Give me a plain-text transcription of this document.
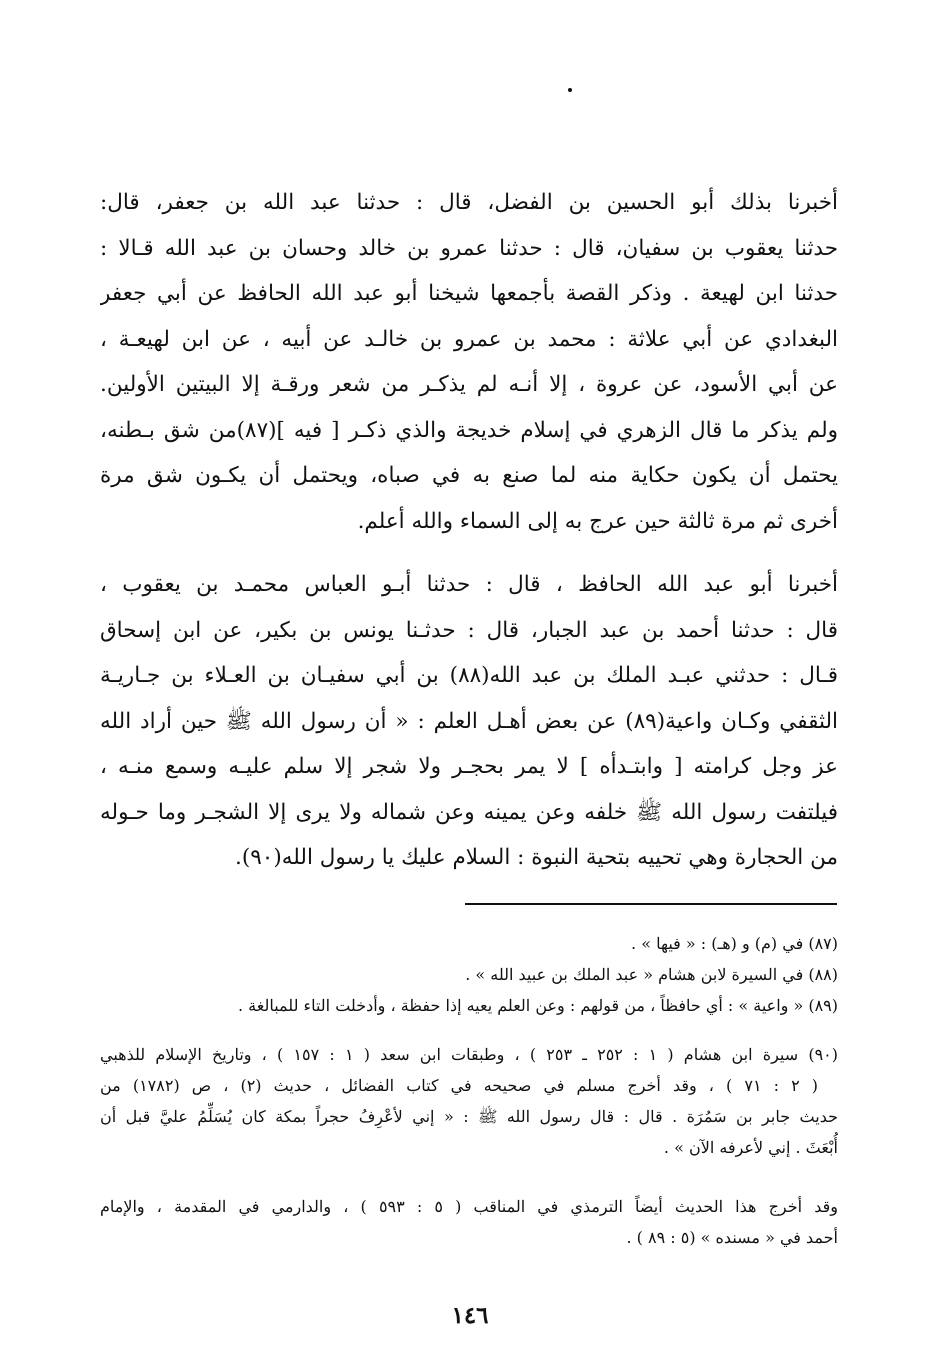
أخبرنا بذلك أبو الحسين بن الفضل، قال : حدثنا عبد الله بن جعفر، قال:
حدثنا يعقوب بن سفيان، قال : حدثنا عمرو بن خالد وحسان بن عبد الله قـالا :
حدثنا ابن لهيعة . وذكر القصة بأجمعها شيخنا أبو عبد الله الحافظ عن أبي جعفر
البغدادي عن أبي علاثة : محمد بن عمرو بن خالـد عن أبيه ، عن ابن لهيعـة ،
عن أبي الأسود، عن عروة ، إلا أنـه لم يذكـر من شعر ورقـة إلا البيتين الأولين.
ولم يذكر ما قال الزهري في إسلام خديجة والذي ذكـر [ فيه ](٨٧)من شق بـطنه،
يحتمل أن يكون حكاية منه لما صنع به في صباه، ويحتمل أن يكـون شق مرة
أخرى ثم مرة ثالثة حين عرج به إلى السماء والله أعلم.
أخبرنا أبو عبد الله الحافظ ، قال : حدثنا أبـو العباس محمـد بن يعقوب ،
قال : حدثنا أحمد بن عبد الجبار، قال : حدثـنا يونس بن بكير، عن ابن إسحاق
قـال : حدثني عبـد الملك بن عبد الله(٨٨) بن أبي سفيـان بن العـلاء بن جـاريـة
الثقفي وكـان واعية(٨٩) عن بعض أهـل العلم : « أن رسول الله ﷺ حين أراد الله
عز وجل كرامته [ وابتـدأه ] لا يمر بحجـر ولا شجر إلا سلم عليـه وسمع منـه ،
فيلتفت رسول الله ﷺ خلفه وعن يمينه وعن شماله ولا يرى إلا الشجـر وما حـوله
من الحجارة وهي تحييه بتحية النبوة : السلام عليك يا رسول الله(٩٠).
(٨٧) في (م) و (هـ) : « فيها » .
(٨٨) في السيرة لابن هشام « عبد الملك بن عبيد الله » .
(٨٩) « واعية » : أي حافظاً ، من قولهم : وعن العلم يعيه إذا حفظة ، وأدخلت التاء للمبالغة .
(٩٠) سيرة ابن هشام ( ١ : ٢٥٢ ـ ٢٥٣ ) ، وطبقات ابن سعد ( ١ : ١٥٧ ) ، وتاريخ الإسلام للذهبي
( ٢ : ٧١ ) ، وقد أخرج مسلم في صحيحه في كتاب الفضائل ، حديث (٢) ، ص (١٧٨٢) من
حديث جابر بن سَمُرَة . قال : قال رسول الله ﷺ : « إني لأعْرِفُ حجراً بمكة كان يُسَلِّمُ عليَّ قبل أن
أُبْعَثَ . إني لأعرفه الآن » .
وقد أخرج هذا الحديث أيضاً الترمذي في المناقب ( ٥ : ٥٩٣ ) ، والدارمي في المقدمة ، والإمام
أحمد في « مسنده » (٥ : ٨٩ ) .
١٤٦
